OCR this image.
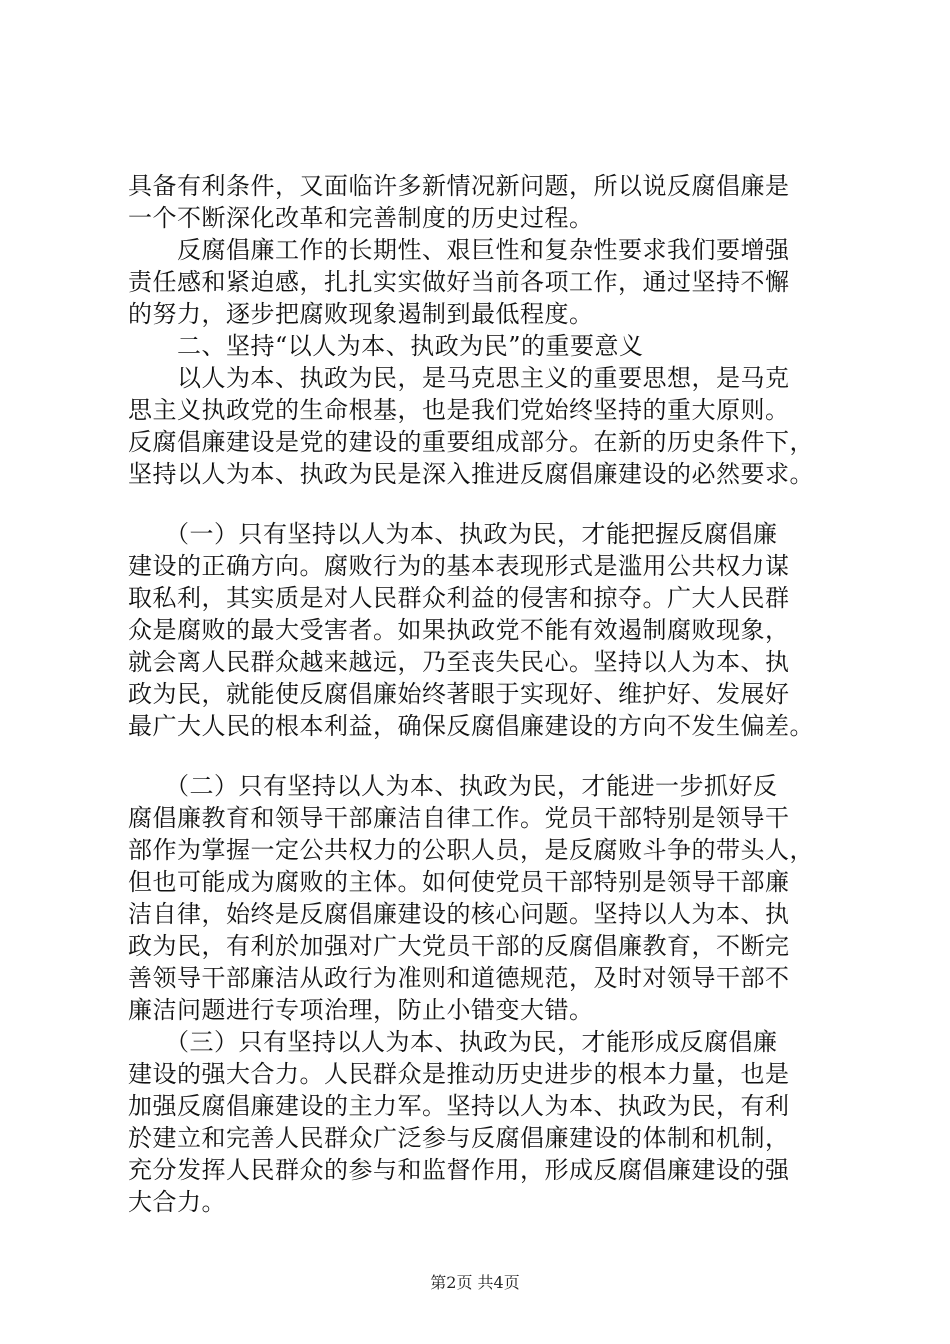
具备有利条件，又面临许多新情况新问题，所以说反腐倡廉是
一个不断深化改革和完善制度的历史过程。
　　反腐倡廉工作的长期性、艰巨性和复杂性要求我们要增强
责任感和紧迫感，扎扎实实做好当前各项工作，通过坚持不懈
的努力，逐步把腐败现象遏制到最低程度。
　　二、坚持“以人为本、执政为民”的重要意义
　　以人为本、执政为民，是马克思主义的重要思想，是马克
思主义执政党的生命根基，也是我们党始终坚持的重大原则。
反腐倡廉建设是党的建设的重要组成部分。在新的历史条件下，
坚持以人为本、执政为民是深入推进反腐倡廉建设的必然要求。
　　（一）只有坚持以人为本、执政为民，才能把握反腐倡廉
建设的正确方向。腐败行为的基本表现形式是滥用公共权力谋
取私利，其实质是对人民群众利益的侵害和掠夺。广大人民群
众是腐败的最大受害者。如果执政党不能有效遏制腐败现象，
就会离人民群众越来越远，乃至丧失民心。坚持以人为本、执
政为民，就能使反腐倡廉始终著眼于实现好、维护好、发展好
最广大人民的根本利益，确保反腐倡廉建设的方向不发生偏差。
　　（二）只有坚持以人为本、执政为民，才能进一步抓好反
腐倡廉教育和领导干部廉洁自律工作。党员干部特别是领导干
部作为掌握一定公共权力的公职人员，是反腐败斗争的带头人，
但也可能成为腐败的主体。如何使党员干部特别是领导干部廉
洁自律，始终是反腐倡廉建设的核心问题。坚持以人为本、执
政为民，有利於加强对广大党员干部的反腐倡廉教育，不断完
善领导干部廉洁从政行为准则和道德规范，及时对领导干部不
廉洁问题进行专项治理，防止小错变大错。
　　（三）只有坚持以人为本、执政为民，才能形成反腐倡廉
建设的强大合力。人民群众是推动历史进步的根本力量，也是
加强反腐倡廉建设的主力军。坚持以人为本、执政为民，有利
於建立和完善人民群众广泛参与反腐倡廉建设的体制和机制，
充分发挥人民群众的参与和监督作用，形成反腐倡廉建设的强
大合力。
第2页 共4页
